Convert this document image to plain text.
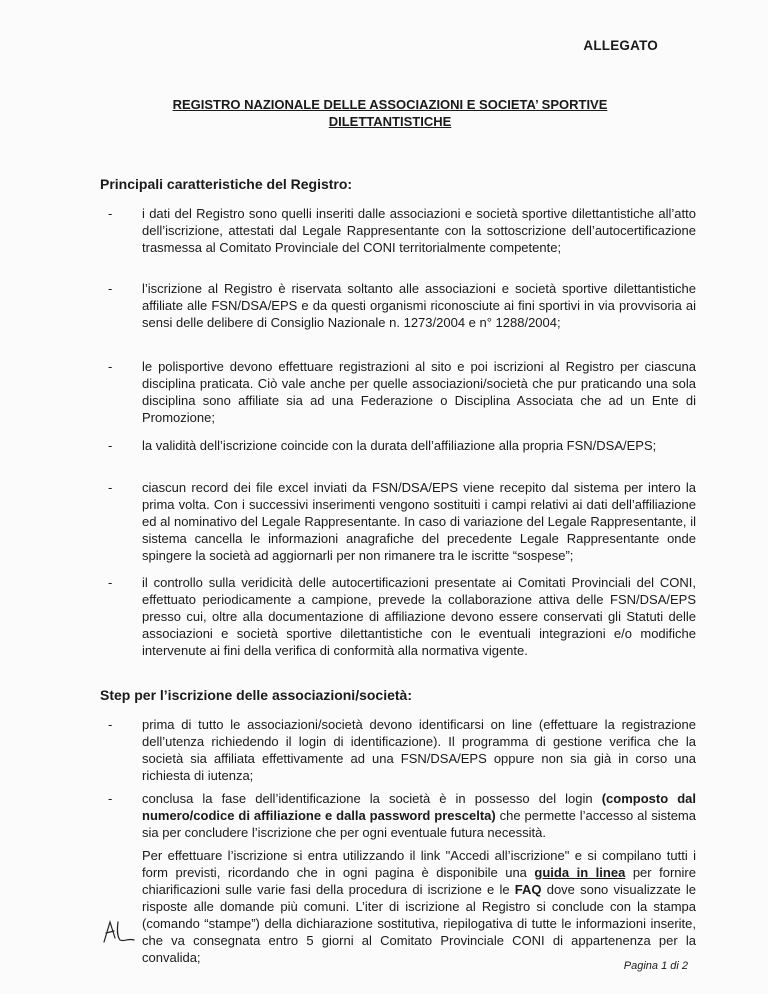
ALLEGATO
REGISTRO NAZIONALE DELLE ASSOCIAZIONI E SOCIETA’ SPORTIVE
DILETTANTISTICHE
Principali caratteristiche del Registro:
- i dati del Registro sono quelli inseriti dalle associazioni e società sportive dilettantistiche all’atto dell’iscrizione, attestati dal Legale Rappresentante con la sottoscrizione dell’autocertificazione trasmessa al Comitato Provinciale del CONI territorialmente competente;
- l’iscrizione al Registro è riservata soltanto alle associazioni e società sportive dilettantistiche affiliate alle FSN/DSA/EPS e da questi organismi riconosciute ai fini sportivi in via provvisoria ai sensi delle delibere di Consiglio Nazionale n. 1273/2004 e n° 1288/2004;
- le polisportive devono effettuare registrazioni al sito e poi iscrizioni al Registro per ciascuna disciplina praticata. Ciò vale anche per quelle associazioni/società che pur praticando una sola disciplina sono affiliate sia ad una Federazione o Disciplina Associata che ad un Ente di Promozione;
- la validità dell’iscrizione coincide con la durata dell’affiliazione alla propria FSN/DSA/EPS;
- ciascun record dei file excel inviati da FSN/DSA/EPS viene recepito dal sistema per intero la prima volta. Con i successivi inserimenti vengono sostituiti i campi relativi ai dati dell’affiliazione ed al nominativo del Legale Rappresentante. In caso di variazione del Legale Rappresentante, il sistema cancella le informazioni anagrafiche del precedente Legale Rappresentante onde spingere la società ad aggiornarli per non rimanere tra le iscritte “sospese”;
- il controllo sulla veridicità delle autocertificazioni presentate ai Comitati Provinciali del CONI, effettuato periodicamente a campione, prevede la collaborazione attiva delle FSN/DSA/EPS presso cui, oltre alla documentazione di affiliazione devono essere conservati gli Statuti delle associazioni e società sportive dilettantistiche con le eventuali integrazioni e/o modifiche intervenute ai fini della verifica di conformità alla normativa vigente.
Step per l’iscrizione delle associazioni/società:
- prima di tutto le associazioni/società devono identificarsi on line (effettuare la registrazione dell’utenza richiedendo il login di identificazione). Il programma di gestione verifica che la società sia affiliata effettivamente ad una FSN/DSA/EPS oppure non sia già in corso una richiesta di iutenza;
- conclusa la fase dell’identificazione la società è in possesso del login (composto dal numero/codice di affiliazione e dalla password prescelta) che permette l’accesso al sistema sia per concludere l’iscrizione che per ogni eventuale futura necessità.
Per effettuare l’iscrizione si entra utilizzando il link "Accedi all’iscrizione" e si compilano tutti i form previsti, ricordando che in ogni pagina è disponibile una guida in linea per fornire chiarificazioni sulle varie fasi della procedura di iscrizione e le FAQ dove sono visualizzate le risposte alle domande più comuni. L’iter di iscrizione al Registro si conclude con la stampa (comando “stampe”) della dichiarazione sostitutiva, riepilogativa di tutte le informazioni inserite, che va consegnata entro 5 giorni al Comitato Provinciale CONI di appartenenza per la convalida;
Pagina 1 di 2
